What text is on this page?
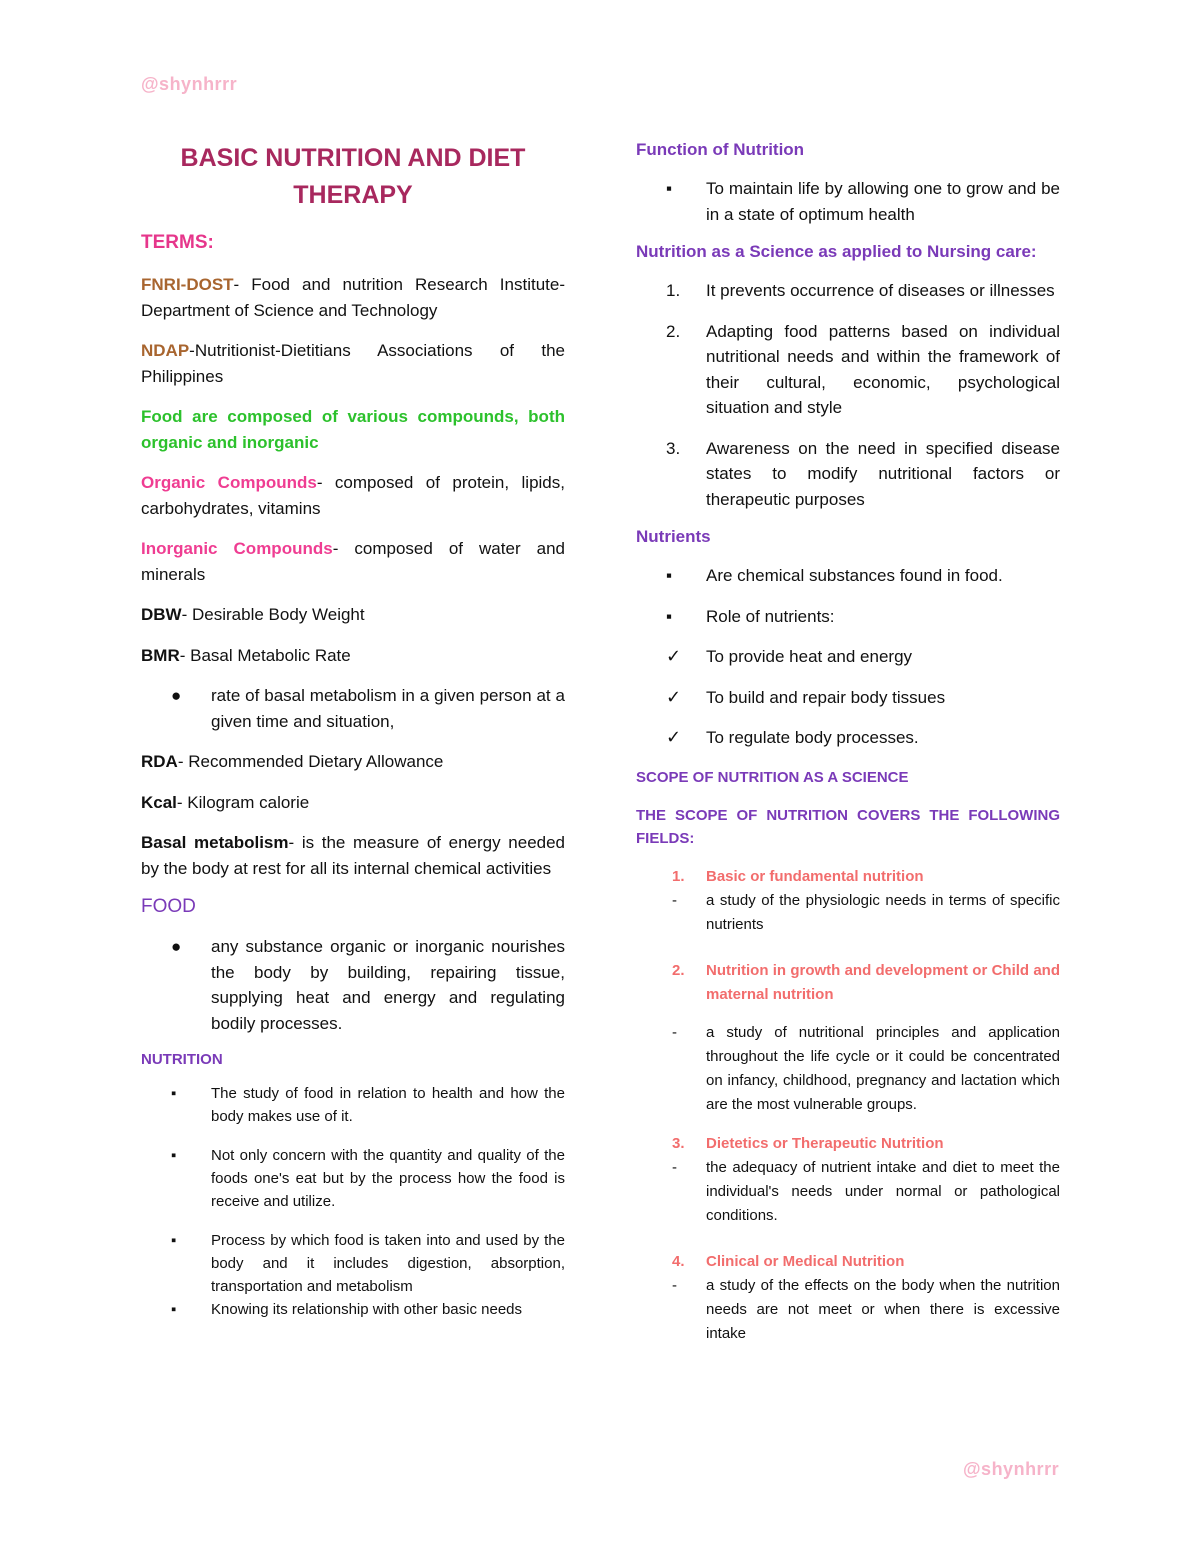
@shynhrrr
BASIC NUTRITION AND DIET
THERAPY

TERMS:

FNRI-DOST- Food and nutrition Research Institute- Department of Science and Technology

NDAP-Nutritionist-Dietitians Associations of the Philippines

Food are composed of various compounds, both organic and inorganic

Organic Compounds- composed of protein, lipids, carbohydrates, vitamins

Inorganic Compounds- composed of water and minerals

DBW- Desirable Body Weight

BMR- Basal Metabolic Rate

●	rate of basal metabolism in a given person at a given time and situation,

RDA- Recommended Dietary Allowance

Kcal- Kilogram calorie

Basal metabolism- is the measure of energy needed by the body at rest for all its internal chemical activities

FOOD

●	any substance organic or inorganic nourishes the body by building, repairing tissue, supplying heat and energy and regulating bodily processes.

NUTRITION

▪	The study of food in relation to health and how the body makes use of it.
▪	Not only concern with the quantity and quality of the foods one's eat but by the process how the food is receive and utilize.
▪	Process by which food is taken into and used by the body and it includes digestion, absorption, transportation and metabolism
▪	Knowing its relationship with other basic needs

Function of Nutrition

▪	To maintain life by allowing one to grow and be in a state of optimum health

Nutrition as a Science as applied to Nursing care:

1.	It prevents occurrence of diseases or illnesses
2.	Adapting food patterns based on individual nutritional needs and within the framework of their cultural, economic, psychological situation and style
3.	Awareness on the need in specified disease states to modify nutritional factors or therapeutic purposes

Nutrients

▪	Are chemical substances found in food.
▪	Role of nutrients:
✓	To provide heat and energy
✓	To build and repair body tissues
✓	To regulate body processes.

SCOPE OF NUTRITION AS A SCIENCE

THE SCOPE OF NUTRITION COVERS THE FOLLOWING FIELDS:

1. Basic or fundamental nutrition
- a study of the physiologic needs in terms of specific nutrients
2. Nutrition in growth and development or Child and maternal nutrition
- a study of nutritional principles and application throughout the life cycle or it could be concentrated on infancy, childhood, pregnancy and lactation which are the most vulnerable groups.
3. Dietetics or Therapeutic Nutrition
- the adequacy of nutrient intake and diet to meet the individual's needs under normal or pathological conditions.
4. Clinical or Medical Nutrition
- a study of the effects on the body when the nutrition needs are not meet or when there is excessive intake
@shynhrrr
